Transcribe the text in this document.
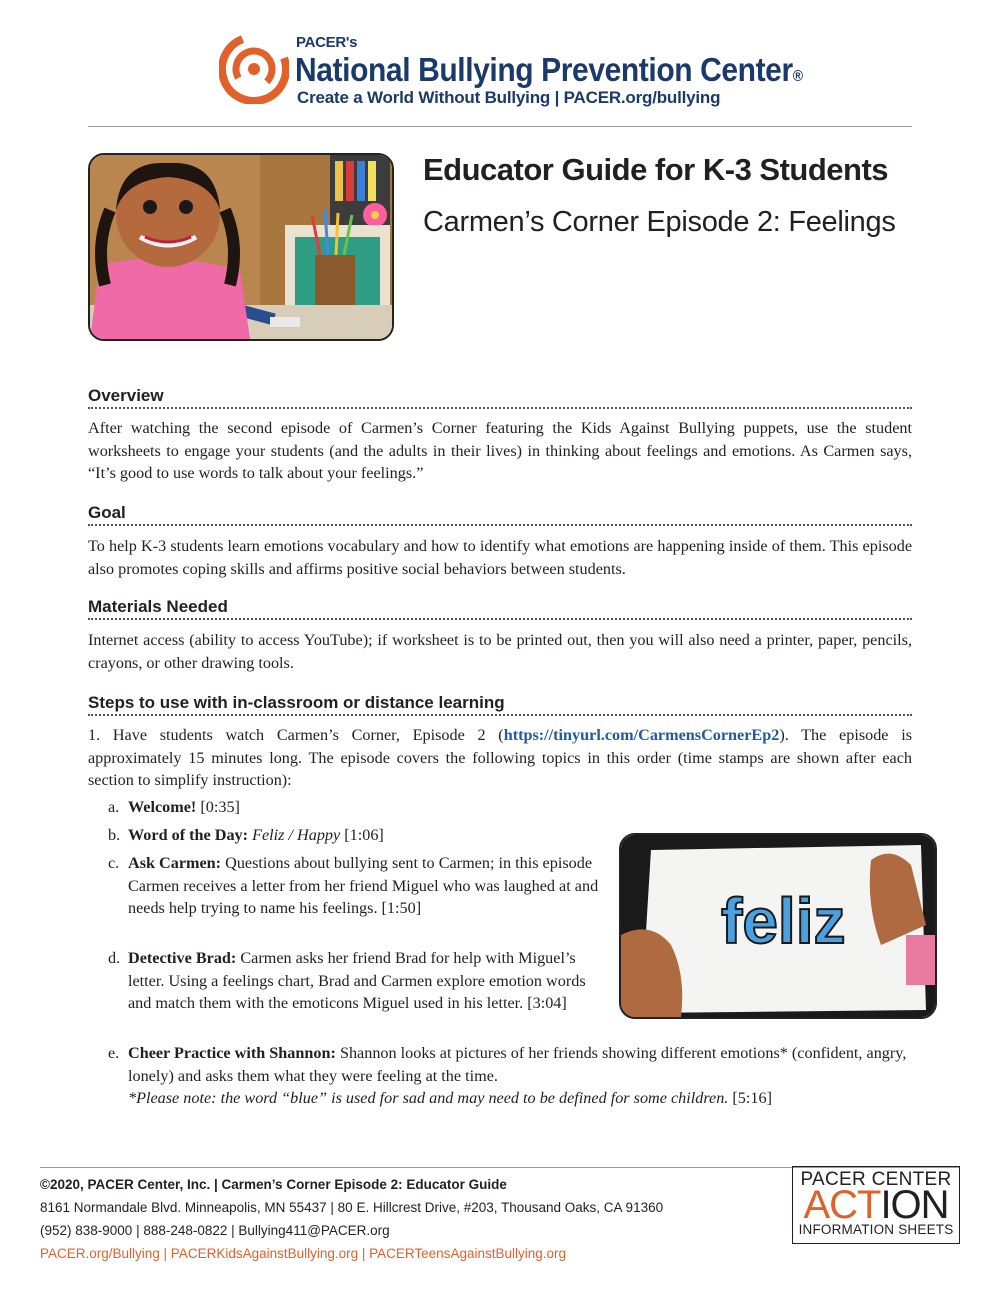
PACER's
National Bullying Prevention Center®
Create a World Without Bullying | PACER.org/bullying
Educator Guide for K-3 Students
Carmen’s Corner Episode 2: Feelings
Overview

After watching the second episode of Carmen’s Corner featuring the Kids Against Bullying puppets, use the student worksheets to engage your students (and the adults in their lives) in thinking about feelings and emotions. As Carmen says, “It’s good to use words to talk about your feelings.”

Goal

To help K-3 students learn emotions vocabulary and how to identify what emotions are happening inside of them. This episode also promotes coping skills and affirms positive social behaviors between students.

Materials Needed

Internet access (ability to access YouTube); if worksheet is to be printed out, then you will also need a printer, paper, pencils, crayons, or other drawing tools.

Steps to use with in-classroom or distance learning

1. Have students watch Carmen’s Corner, Episode 2 (https://tinyurl.com/CarmensCornerEp2). The episode is approximately 15 minutes long. The episode covers the following topics in this order (time stamps are shown after each section to simplify instruction):

a. Welcome! [0:35]
b. Word of the Day: Feliz / Happy [1:06]
c. Ask Carmen: Questions about bullying sent to Carmen; in this episode Carmen receives a letter from her friend Miguel who was laughed at and needs help trying to name his feelings. [1:50]
d. Detective Brad: Carmen asks her friend Brad for help with Miguel’s letter. Using a feelings chart, Brad and Carmen explore emotion words and match them with the emoticons Miguel used in his letter. [3:04]
e. Cheer Practice with Shannon: Shannon looks at pictures of her friends showing different emotions* (confident, angry, lonely) and asks them what they were feeling at the time.
*Please note: the word “blue” is used for sad and may need to be defined for some children. [5:16]
feliz
©2020, PACER Center, Inc. | Carmen’s Corner Episode 2: Educator Guide
8161 Normandale Blvd. Minneapolis, MN 55437 | 80 E. Hillcrest Drive, #203, Thousand Oaks, CA 91360
(952) 838-9000 | 888-248-0822 | Bullying411@PACER.org
PACER.org/Bullying | PACERKidsAgainstBullying.org | PACERTeensAgainstBullying.org
PACER CENTER
ACTION
INFORMATION SHEETS
